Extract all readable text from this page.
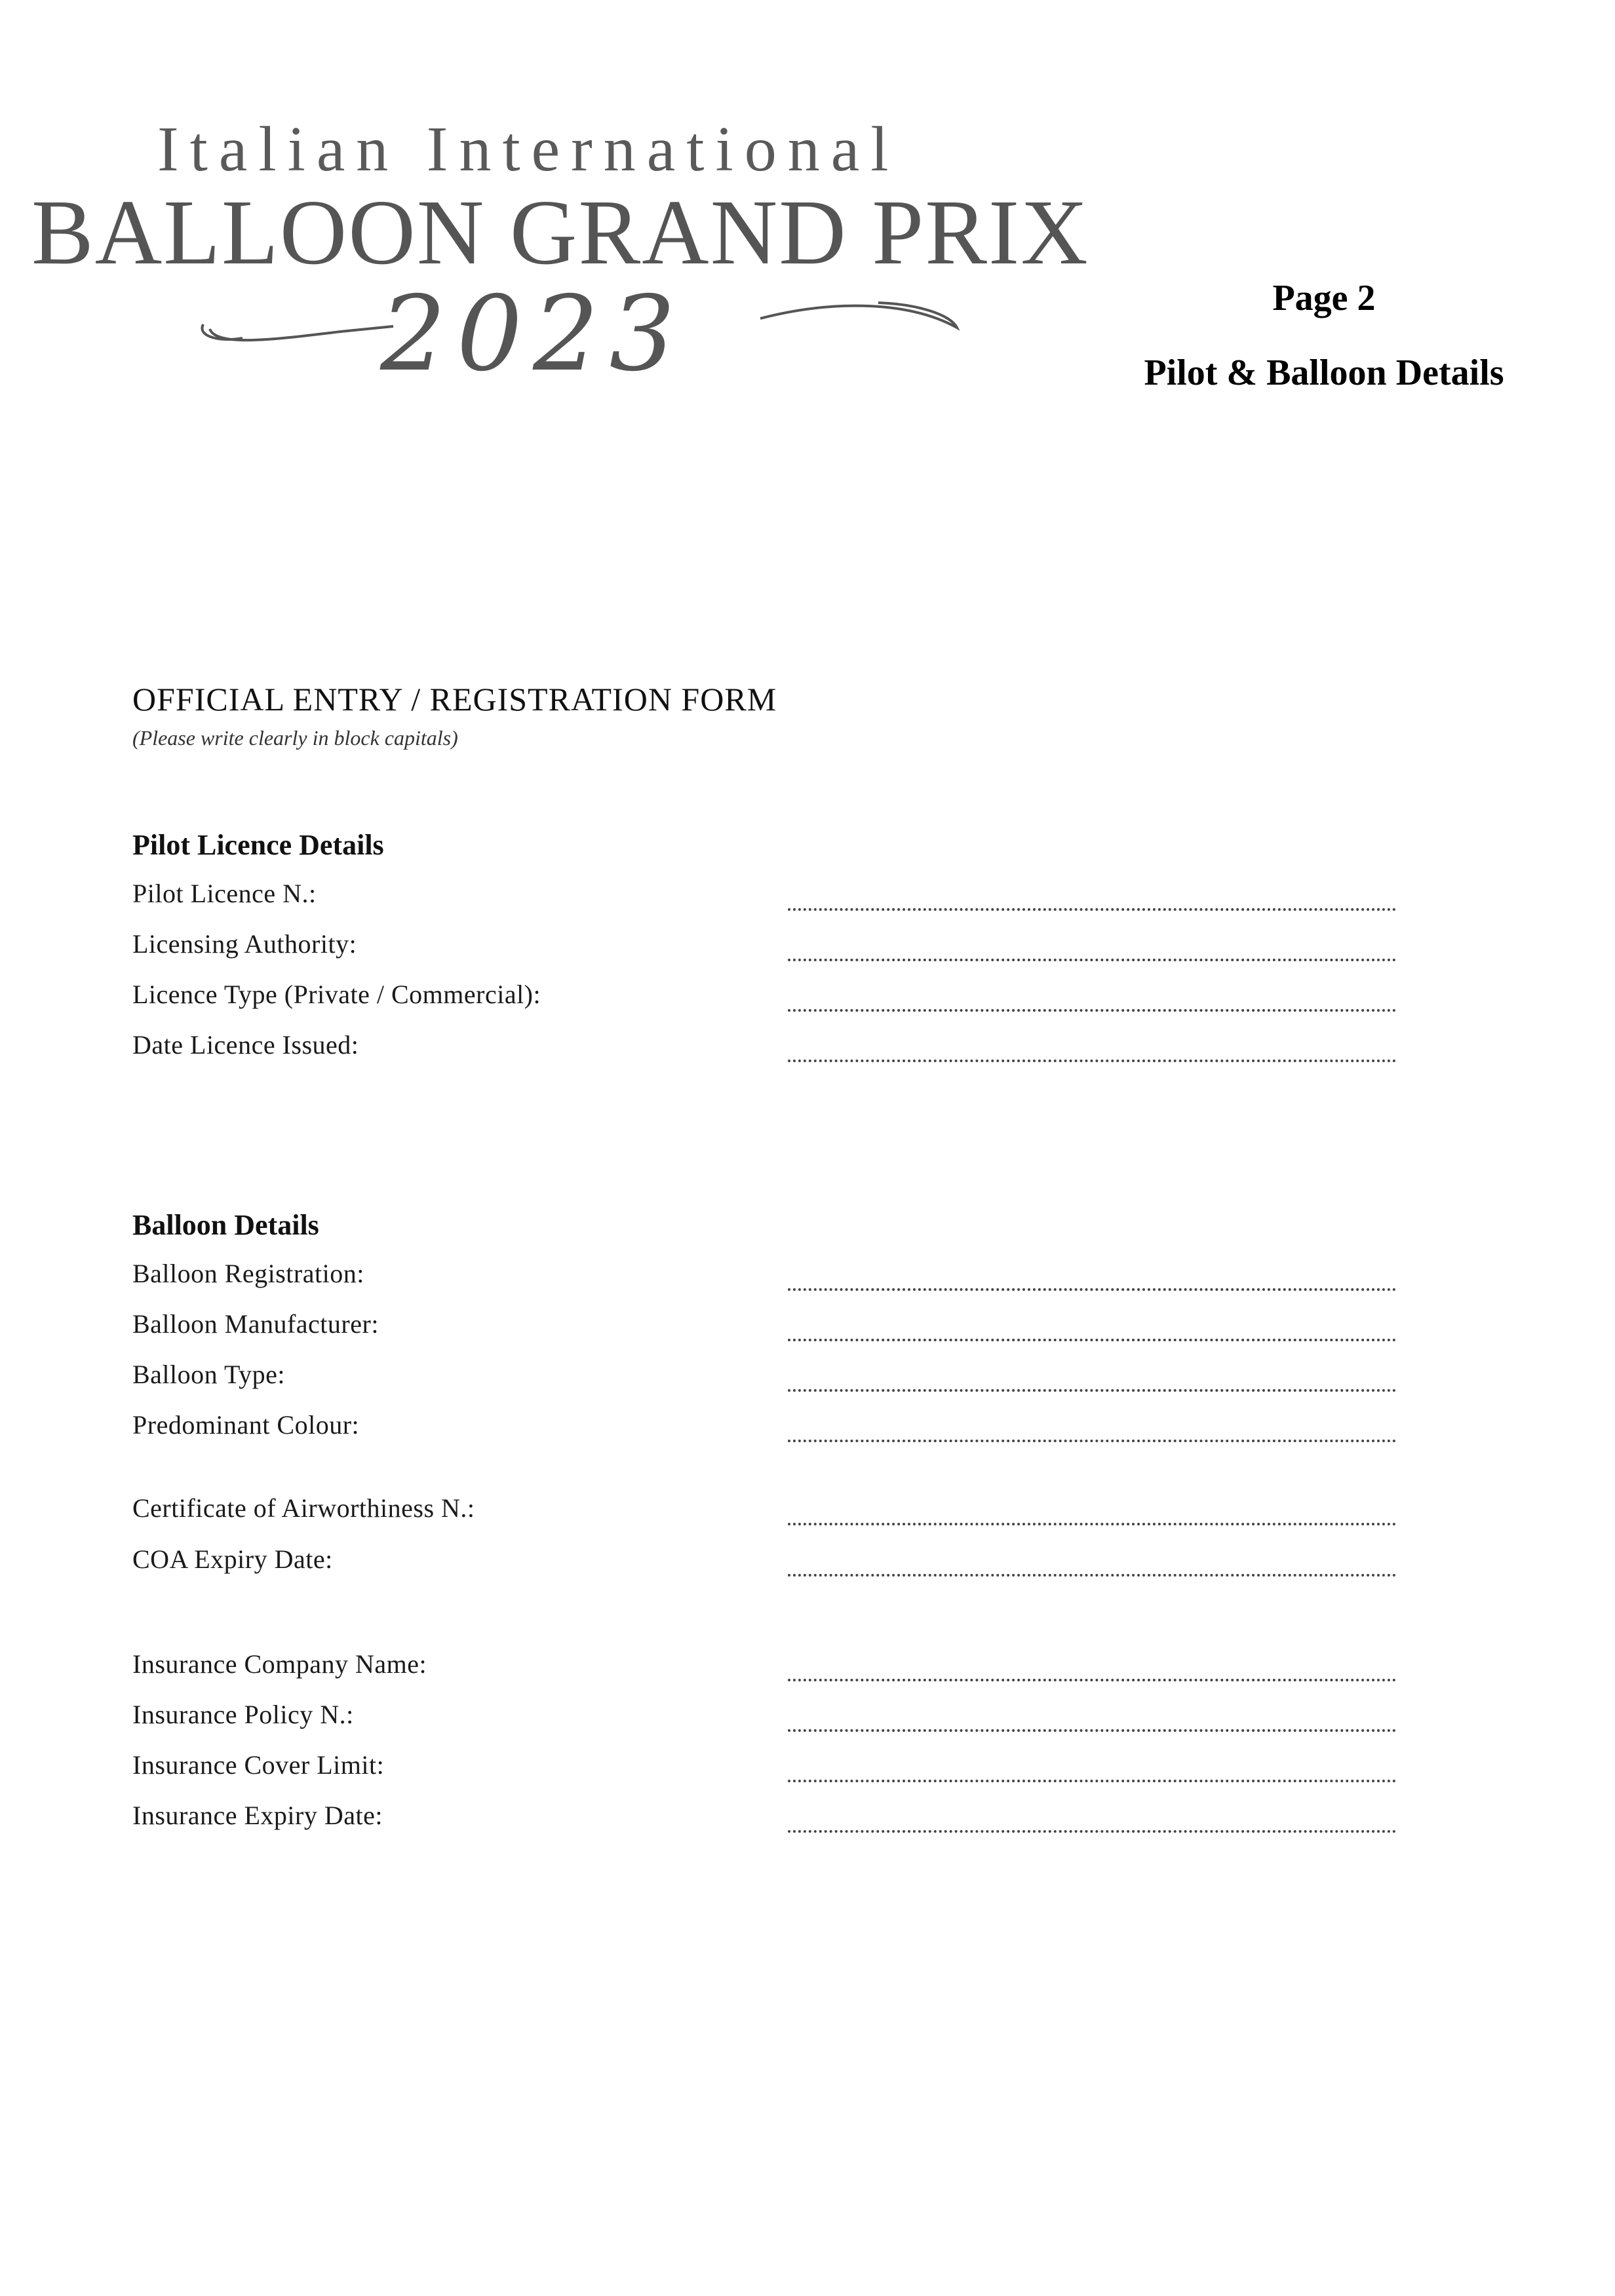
Italian International
BALLOON GRAND PRIX
2023	Page 2
Pilot & Balloon Details
OFFICIAL ENTRY / REGISTRATION FORM
(Please write clearly in block capitals)
Pilot Licence Details
Pilot Licence N.:
Licensing Authority:
Licence Type (Private / Commercial):
Date Licence Issued:
Balloon Details
Balloon Registration:
Balloon Manufacturer:
Balloon Type:
Predominant Colour:
Certificate of Airworthiness N.:
COA Expiry Date:
Insurance Company Name:
Insurance Policy N.:
Insurance Cover Limit:
Insurance Expiry Date:
